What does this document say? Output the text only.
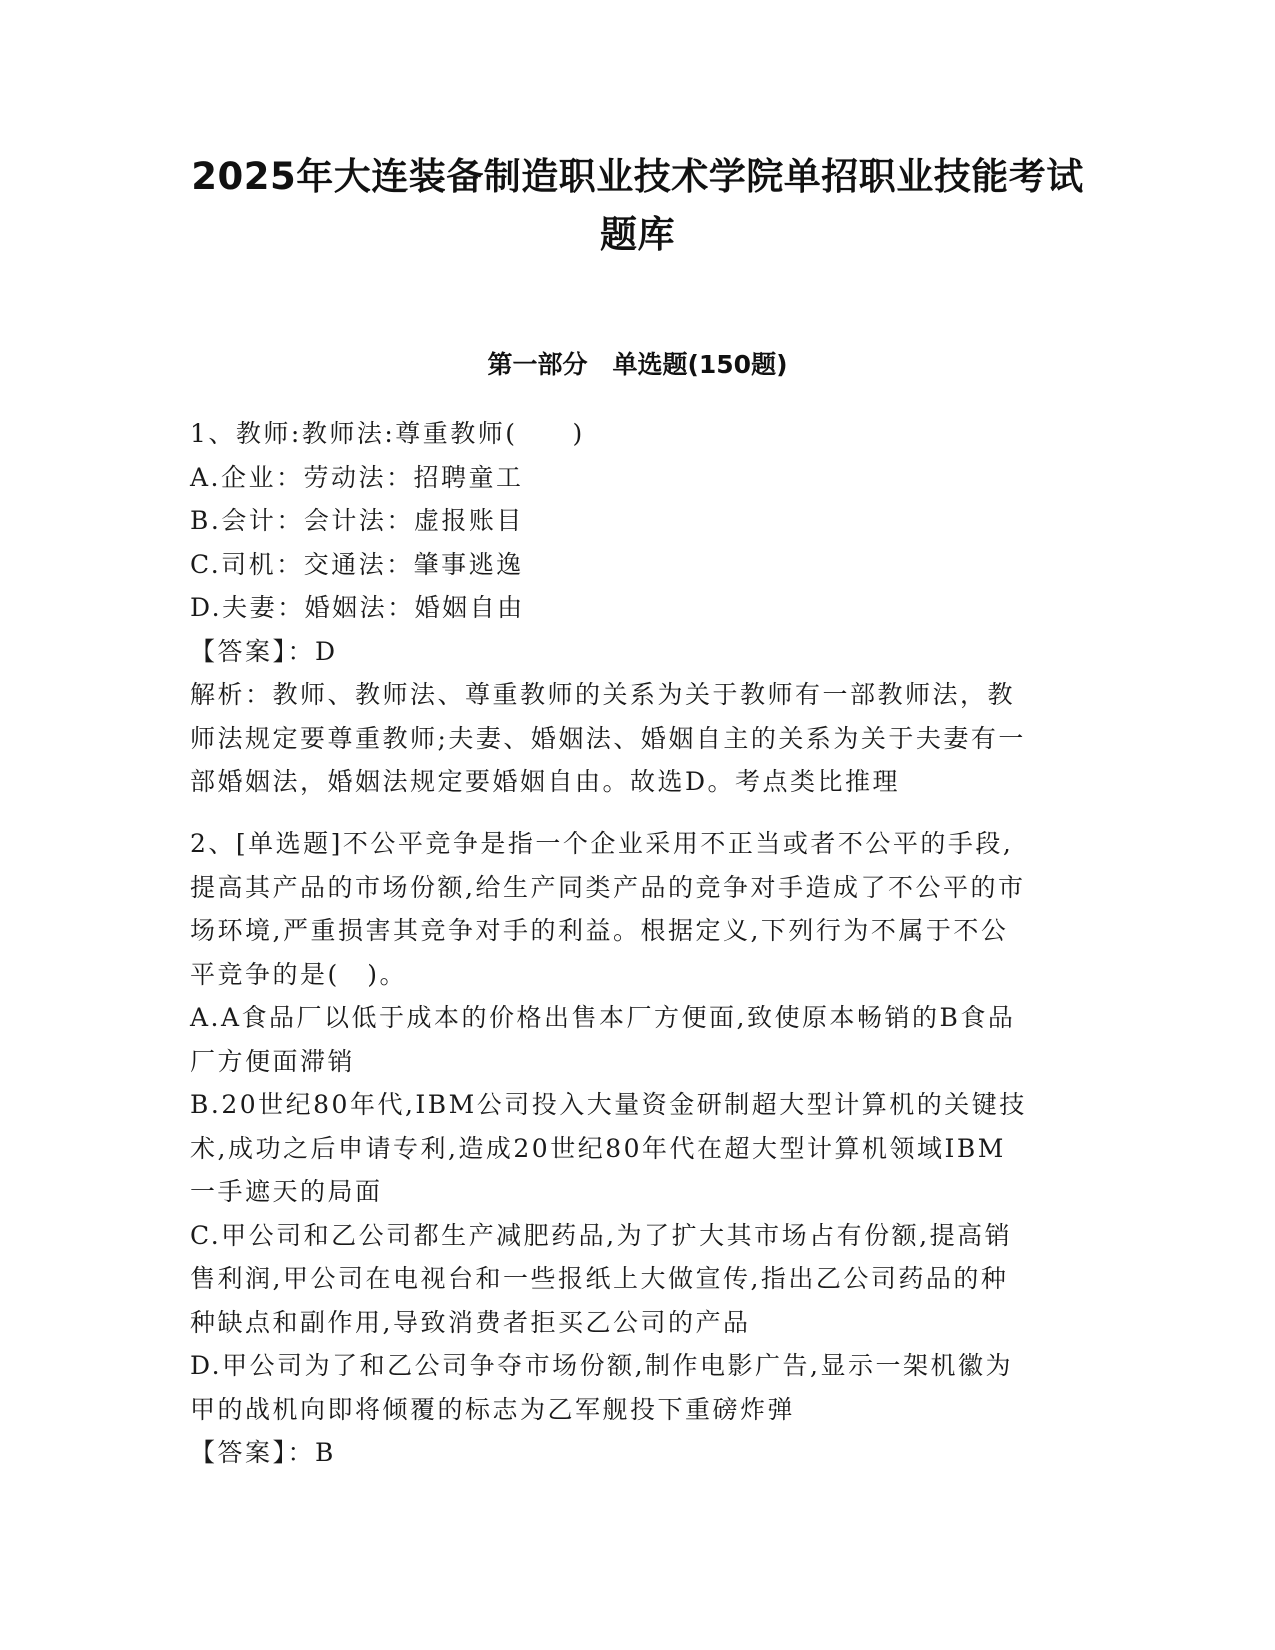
2025年大连装备制造职业技术学院单招职业技能考试
题库
第一部分　单选题(150题)
1、教师:教师法:尊重教师(　　)
A.企业：劳动法：招聘童工
B.会计：会计法：虚报账目
C.司机：交通法：肇事逃逸
D.夫妻：婚姻法：婚姻自由
【答案】：D
解析：教师、教师法、尊重教师的关系为关于教师有一部教师法，教
师法规定要尊重教师;夫妻、婚姻法、婚姻自主的关系为关于夫妻有一
部婚姻法，婚姻法规定要婚姻自由。故选D。考点类比推理
2、[单选题]不公平竞争是指一个企业采用不正当或者不公平的手段,
提高其产品的市场份额,给生产同类产品的竞争对手造成了不公平的市
场环境,严重损害其竞争对手的利益。根据定义,下列行为不属于不公
平竞争的是(　)。
A.A食品厂以低于成本的价格出售本厂方便面,致使原本畅销的B食品
厂方便面滞销
B.20世纪80年代,IBM公司投入大量资金研制超大型计算机的关键技
术,成功之后申请专利,造成20世纪80年代在超大型计算机领域IBM
一手遮天的局面
C.甲公司和乙公司都生产减肥药品,为了扩大其市场占有份额,提高销
售利润,甲公司在电视台和一些报纸上大做宣传,指出乙公司药品的种
种缺点和副作用,导致消费者拒买乙公司的产品
D.甲公司为了和乙公司争夺市场份额,制作电影广告,显示一架机徽为
甲的战机向即将倾覆的标志为乙军舰投下重磅炸弹
【答案】：B
